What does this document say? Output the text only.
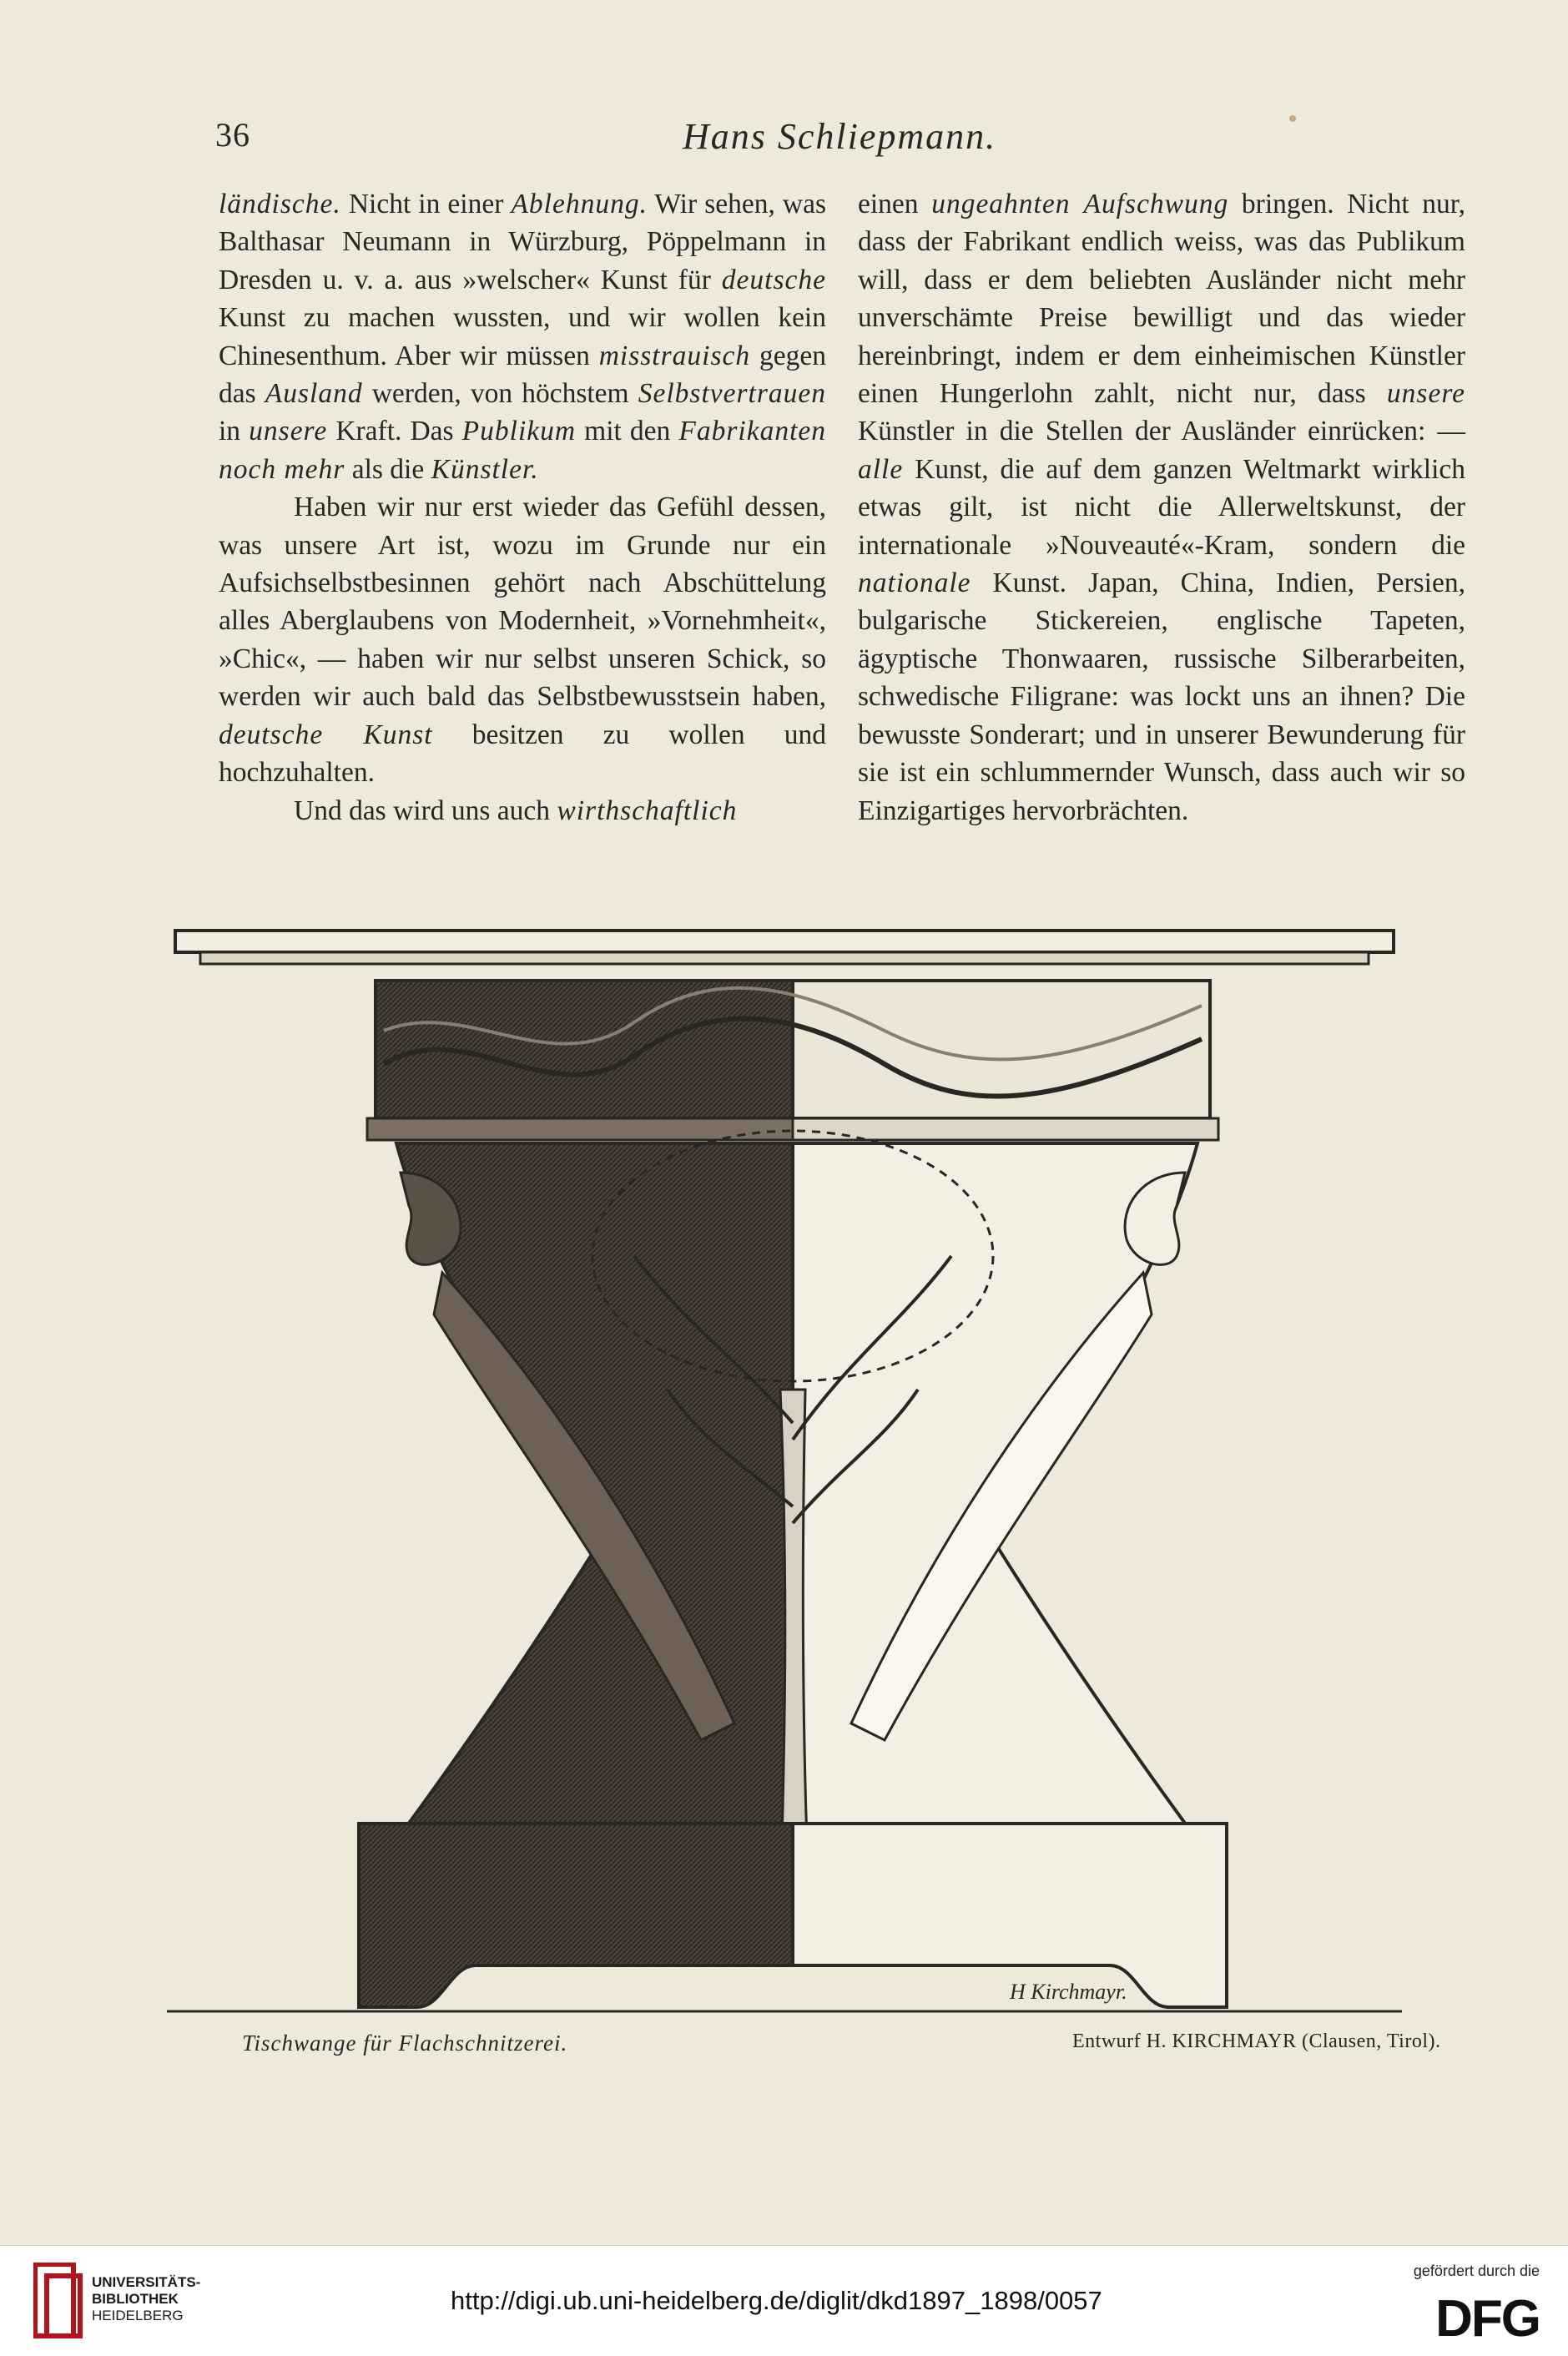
36	Hans Schliepmann.

ländische. Nicht in einer Ablehnung. Wir sehen, was Balthasar Neumann in Würzburg, Pöppelmann in Dresden u. v. a. aus »welscher« Kunst für deutsche Kunst zu machen wussten, und wir wollen kein Chinesenthum. Aber wir müssen misstrauisch gegen das Ausland werden, von höchstem Selbstvertrauen in unsere Kraft. Das Publikum mit den Fabrikanten noch mehr als die Künstler.

Haben wir nur erst wieder das Gefühl dessen, was unsere Art ist, wozu im Grunde nur ein Aufsichselbstbesinnen gehört nach Abschüttelung alles Aberglaubens von Modernheit, »Vornehmheit«, »Chic«, — haben wir nur selbst unseren Schick, so werden wir auch bald das Selbstbewusstsein haben, deutsche Kunst besitzen zu wollen und hochzuhalten.

Und das wird uns auch wirthschaftlich

einen ungeahnten Aufschwung bringen. Nicht nur, dass der Fabrikant endlich weiss, was das Publikum will, dass er dem beliebten Ausländer nicht mehr unverschämte Preise bewilligt und das wieder hereinbringt, indem er dem einheimischen Künstler einen Hungerlohn zahlt, nicht nur, dass unsere Künstler in die Stellen der Ausländer einrücken: — alle Kunst, die auf dem ganzen Weltmarkt wirklich etwas gilt, ist nicht die Allerweltskunst, der internationale »Nouveauté«-Kram, sondern die nationale Kunst. Japan, China, Indien, Persien, bulgarische Stickereien, englische Tapeten, ägyptische Thonwaaren, russische Silberarbeiten, schwedische Filigrane: was lockt uns an ihnen? Die bewusste Sonderart; und in unserer Bewunderung für sie ist ein schlummernder Wunsch, dass auch wir so Einzigartiges hervorbrächten.

H Kirchmayr.
Tischwange für Flachschnitzerei.	Entwurf H. KIRCHMAYR (Clausen, Tirol).
UNIVERSITÄTS-
BIBLIOTHEK
HEIDELBERG
http://digi.ub.uni-heidelberg.de/diglit/dkd1897_1898/0057
gefördert durch die
DFG
